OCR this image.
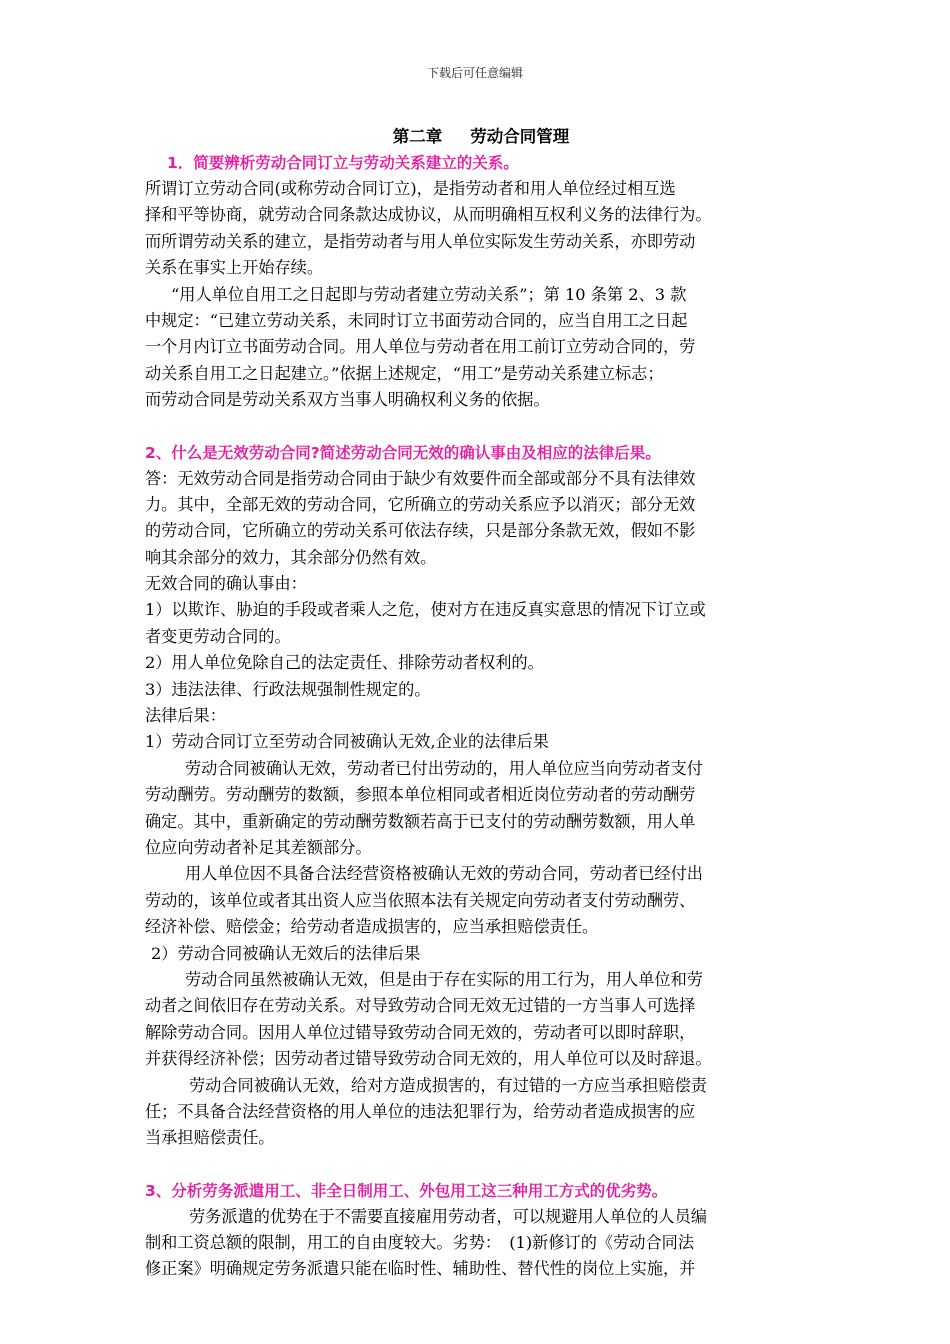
下载后可任意编辑
第二章 劳动合同管理
1．简要辨析劳动合同订立与劳动关系建立的关系。
所谓订立劳动合同(或称劳动合同订立)，是指劳动者和用人单位经过相互选
择和平等协商，就劳动合同条款达成协议，从而明确相互权利义务的法律行为。
而所谓劳动关系的建立，是指劳动者与用人单位实际发生劳动关系，亦即劳动
关系在事实上开始存续。
“用人单位自用工之日起即与劳动者建立劳动关系”；第 10 条第 2、3 款
中规定：“已建立劳动关系，未同时订立书面劳动合同的，应当自用工之日起
一个月内订立书面劳动合同。用人单位与劳动者在用工前订立劳动合同的，劳
动关系自用工之日起建立。”依据上述规定，“用工”是劳动关系建立标志；
而劳动合同是劳动关系双方当事人明确权利义务的依据。
2、什么是无效劳动合同?简述劳动合同无效的确认事由及相应的法律后果。
答：无效劳动合同是指劳动合同由于缺少有效要件而全部或部分不具有法律效
力。其中，全部无效的劳动合同，它所确立的劳动关系应予以消灭；部分无效
的劳动合同，它所确立的劳动关系可依法存续，只是部分条款无效，假如不影
响其余部分的效力，其余部分仍然有效。
无效合同的确认事由：
1）以欺诈、胁迫的手段或者乘人之危，使对方在违反真实意思的情况下订立或
者变更劳动合同的。
2）用人单位免除自己的法定责任、排除劳动者权利的。
3）违法法律、行政法规强制性规定的。
法律后果：
1）劳动合同订立至劳动合同被确认无效,企业的法律后果
劳动合同被确认无效，劳动者已付出劳动的，用人单位应当向劳动者支付
劳动酬劳。劳动酬劳的数额，参照本单位相同或者相近岗位劳动者的劳动酬劳
确定。其中，重新确定的劳动酬劳数额若高于已支付的劳动酬劳数额，用人单
位应向劳动者补足其差额部分。
用人单位因不具备合法经营资格被确认无效的劳动合同，劳动者已经付出
劳动的，该单位或者其出资人应当依照本法有关规定向劳动者支付劳动酬劳、
经济补偿、赔偿金；给劳动者造成损害的，应当承担赔偿责任。
2）劳动合同被确认无效后的法律后果
劳动合同虽然被确认无效，但是由于存在实际的用工行为，用人单位和劳
动者之间依旧存在劳动关系。对导致劳动合同无效无过错的一方当事人可选择
解除劳动合同。因用人单位过错导致劳动合同无效的，劳动者可以即时辞职，
并获得经济补偿；因劳动者过错导致劳动合同无效的，用人单位可以及时辞退。
劳动合同被确认无效，给对方造成损害的，有过错的一方应当承担赔偿责
任；不具备合法经营资格的用人单位的违法犯罪行为，给劳动者造成损害的应
当承担赔偿责任。
3、分析劳务派遣用工、非全日制用工、外包用工这三种用工方式的优劣势。
劳务派遣的优势在于不需要直接雇用劳动者，可以规避用人单位的人员编
制和工资总额的限制，用工的自由度较大。劣势：　(1)新修订的《劳动合同法
修正案》明确规定劳务派遣只能在临时性、辅助性、替代性的岗位上实施，并
